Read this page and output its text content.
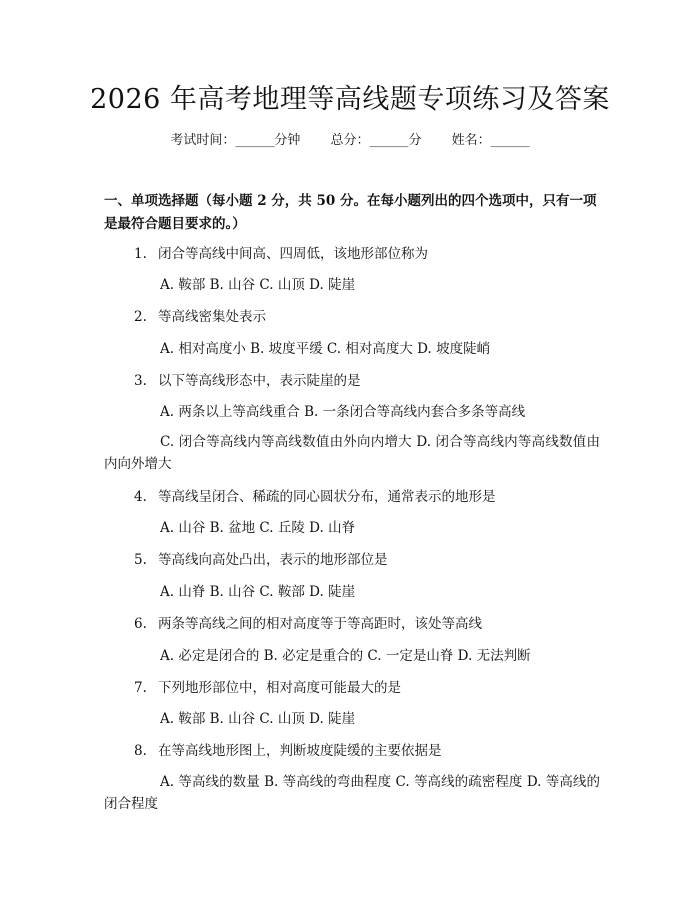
2026 年高考地理等高线题专项练习及答案
考试时间：______分钟 总分：______分 姓名：______
一、单项选择题（每小题 2 分，共 50 分。在每小题列出的四个选项中，只有一项是最符合题目要求的。）
1. 闭合等高线中间高、四周低，该地形部位称为
A. 鞍部 B. 山谷 C. 山顶 D. 陡崖
2. 等高线密集处表示
A. 相对高度小 B. 坡度平缓 C. 相对高度大 D. 坡度陡峭
3. 以下等高线形态中，表示陡崖的是
A. 两条以上等高线重合 B. 一条闭合等高线内套合多条等高线
C. 闭合等高线内等高线数值由外向内增大 D. 闭合等高线内等高线数值由内向外增大
4. 等高线呈闭合、稀疏的同心圆状分布，通常表示的地形是
A. 山谷 B. 盆地 C. 丘陵 D. 山脊
5. 等高线向高处凸出，表示的地形部位是
A. 山脊 B. 山谷 C. 鞍部 D. 陡崖
6. 两条等高线之间的相对高度等于等高距时，该处等高线
A. 必定是闭合的 B. 必定是重合的 C. 一定是山脊 D. 无法判断
7. 下列地形部位中，相对高度可能最大的是
A. 鞍部 B. 山谷 C. 山顶 D. 陡崖
8. 在等高线地形图上，判断坡度陡缓的主要依据是
A. 等高线的数量 B. 等高线的弯曲程度 C. 等高线的疏密程度 D. 等高线的闭合程度
